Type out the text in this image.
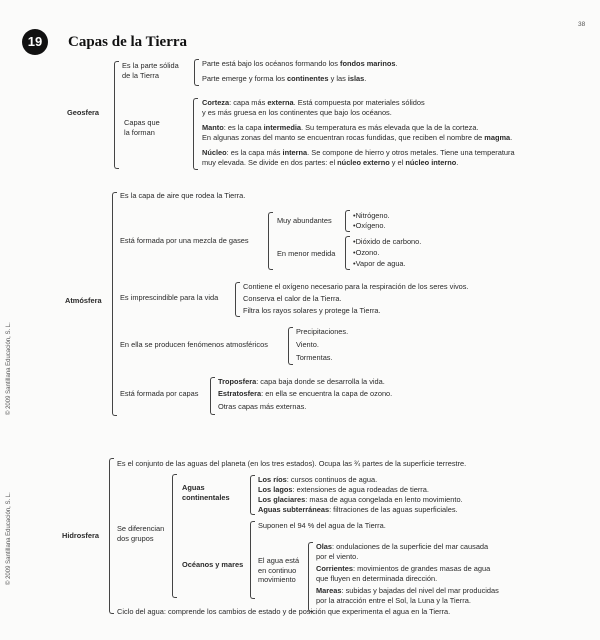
38
19	Capas de la Tierra
© 2009 Santillana Educación, S. L.
© 2009 Santillana Educación, S. L.
Geosfera
Es la parte sólida
de la Tierra
Parte está bajo los océanos formando los fondos marinos.
Parte emerge y forma los continentes y las islas.
Capas que
la forman
Corteza: capa más externa. Está compuesta por materiales sólidos
y es más gruesa en los continentes que bajo los océanos.
Manto: es la capa intermedia. Su temperatura es más elevada que la de la corteza.
En algunas zonas del manto se encuentran rocas fundidas, que reciben el nombre de magma.
Núcleo: es la capa más interna. Se compone de hierro y otros metales. Tiene una temperatura
muy elevada. Se divide en dos partes: el núcleo externo y el núcleo interno.
Atmósfera
Es la capa de aire que rodea la Tierra.
Está formada por una mezcla de gases
Muy abundantes
• Nitrógeno.
• Oxígeno.
En menor medida
• Dióxido de carbono.
• Ozono.
• Vapor de agua.
Es imprescindible para la vida
Contiene el oxígeno necesario para la respiración de los seres vivos.
Conserva el calor de la Tierra.
Filtra los rayos solares y protege la Tierra.
En ella se producen fenómenos atmosféricos
Precipitaciones.
Viento.
Tormentas.
Está formada por capas
Troposfera: capa baja donde se desarrolla la vida.
Estratosfera: en ella se encuentra la capa de ozono.
Otras capas más externas.
Hidrosfera
Es el conjunto de las aguas del planeta (en los tres estados). Ocupa las ¾ partes de la superficie terrestre.
Se diferencian
dos grupos
Aguas
continentales
Los ríos: cursos continuos de agua.
Los lagos: extensiones de agua rodeadas de tierra.
Los glaciares: masa de agua congelada en lento movimiento.
Aguas subterráneas: filtraciones de las aguas superficiales.
Océanos y mares
Suponen el 94 % del agua de la Tierra.
El agua está
en continuo
movimiento
Olas: ondulaciones de la superficie del mar causada
por el viento.
Corrientes: movimientos de grandes masas de agua
que fluyen en determinada dirección.
Mareas: subidas y bajadas del nivel del mar producidas
por la atracción entre el Sol, la Luna y la Tierra.
Ciclo del agua: comprende los cambios de estado y de posición que experimenta el agua en la Tierra.
